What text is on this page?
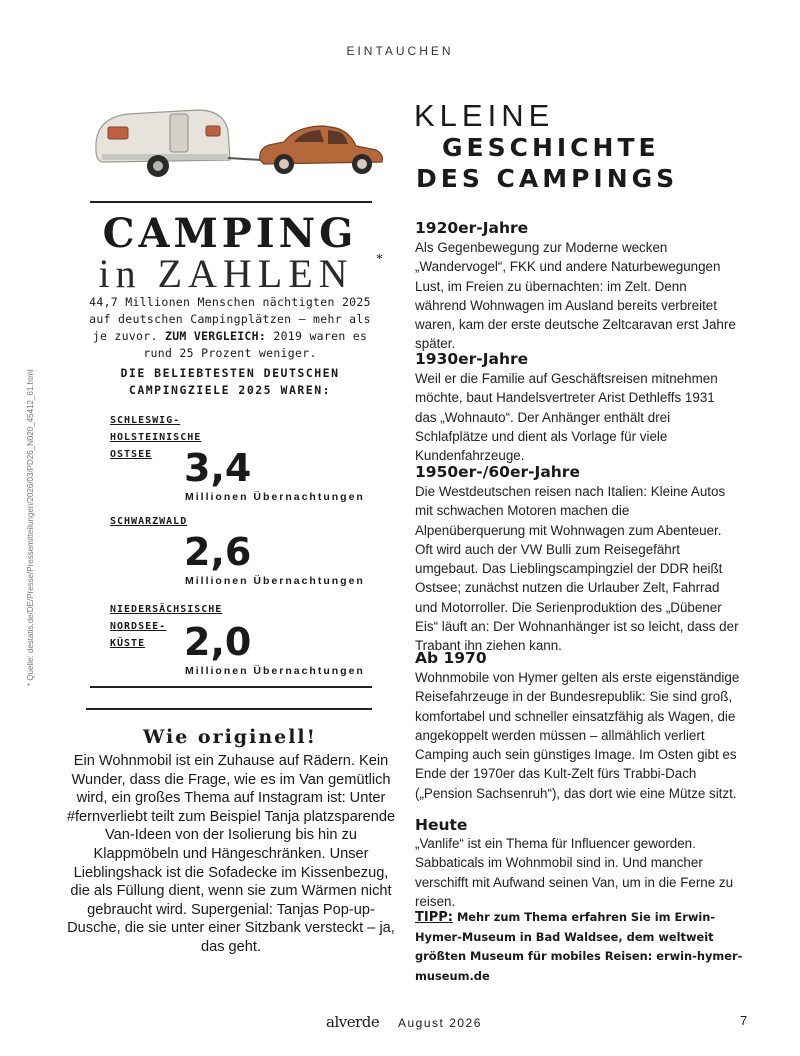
EINTAUCHEN
CAMPING
in ZAHLEN	*
44,7 Millionen Menschen nächtigten 2025 auf deutschen Campingplätzen – mehr als je zuvor. ZUM VERGLEICH: 2019 waren es rund 25 Prozent weniger.
DIE BELIEBTESTEN DEUTSCHEN CAMPINGZIELE 2025 WAREN:
SCHLESWIG-
HOLSTEINISCHE
OSTSEE 3,4
Millionen Übernachtungen
SCHWARZWALD
2,6
Millionen Übernachtungen
NIEDERSÄCHSISCHE
NORDSEE-
KÜSTE	2,0
Millionen Übernachtungen
* Quelle: destatis.de/DE/Presse/Pressemitteilungen/2026/03/PD26_N020_45412_61.html
Wie originell!
Ein Wohnmobil ist ein Zuhause auf Rädern. Kein Wunder, dass die Frage, wie es im Van gemütlich wird, ein großes Thema auf Instagram ist: Unter #fernverliebt teilt zum Beispiel Tanja platzsparende Van-Ideen von der Isolierung bis hin zu Klappmöbeln und Hängeschränken. Unser Lieblingshack ist die Sofadecke im Kissenbezug, die als Füllung dient, wenn sie zum Wärmen nicht gebraucht wird. Supergenial: Tanjas Pop-up-Dusche, die sie unter einer Sitzbank versteckt – ja, das geht.
KLEINE
GESCHICHTE
DES CAMPINGS
1920er-Jahre
Als Gegenbewegung zur Moderne wecken „Wandervogel“, FKK und andere Naturbewegungen Lust, im Freien zu übernachten: im Zelt. Denn während Wohnwagen im Ausland bereits verbreitet waren, kam der erste deutsche Zeltcaravan erst Jahre später.
1930er-Jahre
Weil er die Familie auf Geschäftsreisen mitnehmen möchte, baut Handelsvertreter Arist Dethleffs 1931 das „Wohnauto“. Der Anhänger enthält drei Schlafplätze und dient als Vorlage für viele Kundenfahrzeuge.
1950er-/60er-Jahre
Die Westdeutschen reisen nach Italien: Kleine Autos mit schwachen Motoren machen die Alpenüberquerung mit Wohnwagen zum Abenteuer. Oft wird auch der VW Bulli zum Reisegefährt umgebaut. Das Lieblingscampingziel der DDR heißt Ostsee; zunächst nutzen die Urlauber Zelt, Fahrrad und Motorroller. Die Serienproduktion des „Dübener Eis“ läuft an: Der Wohnanhänger ist so leicht, dass der Trabant ihn ziehen kann.
Ab 1970
Wohnmobile von Hymer gelten als erste eigenständige Reisefahrzeuge in der Bundesrepublik: Sie sind groß, komfortabel und schneller einsatzfähig als Wagen, die angekoppelt werden müssen – allmählich verliert Camping auch sein günstiges Image. Im Osten gibt es Ende der 1970er das Kult-Zelt fürs Trabbi-Dach („Pension Sachsenruh“), das dort wie eine Mütze sitzt.
Heute
„Vanlife“ ist ein Thema für Influencer geworden. Sabbaticals im Wohnmobil sind in. Und mancher verschifft mit Aufwand seinen Van, um in die Ferne zu reisen.
TIPP: Mehr zum Thema erfahren Sie im Erwin-Hymer-Museum in Bad Waldsee, dem weltweit größten Museum für mobiles Reisen: erwin-hymer-museum.de
alverde August 2026	7
